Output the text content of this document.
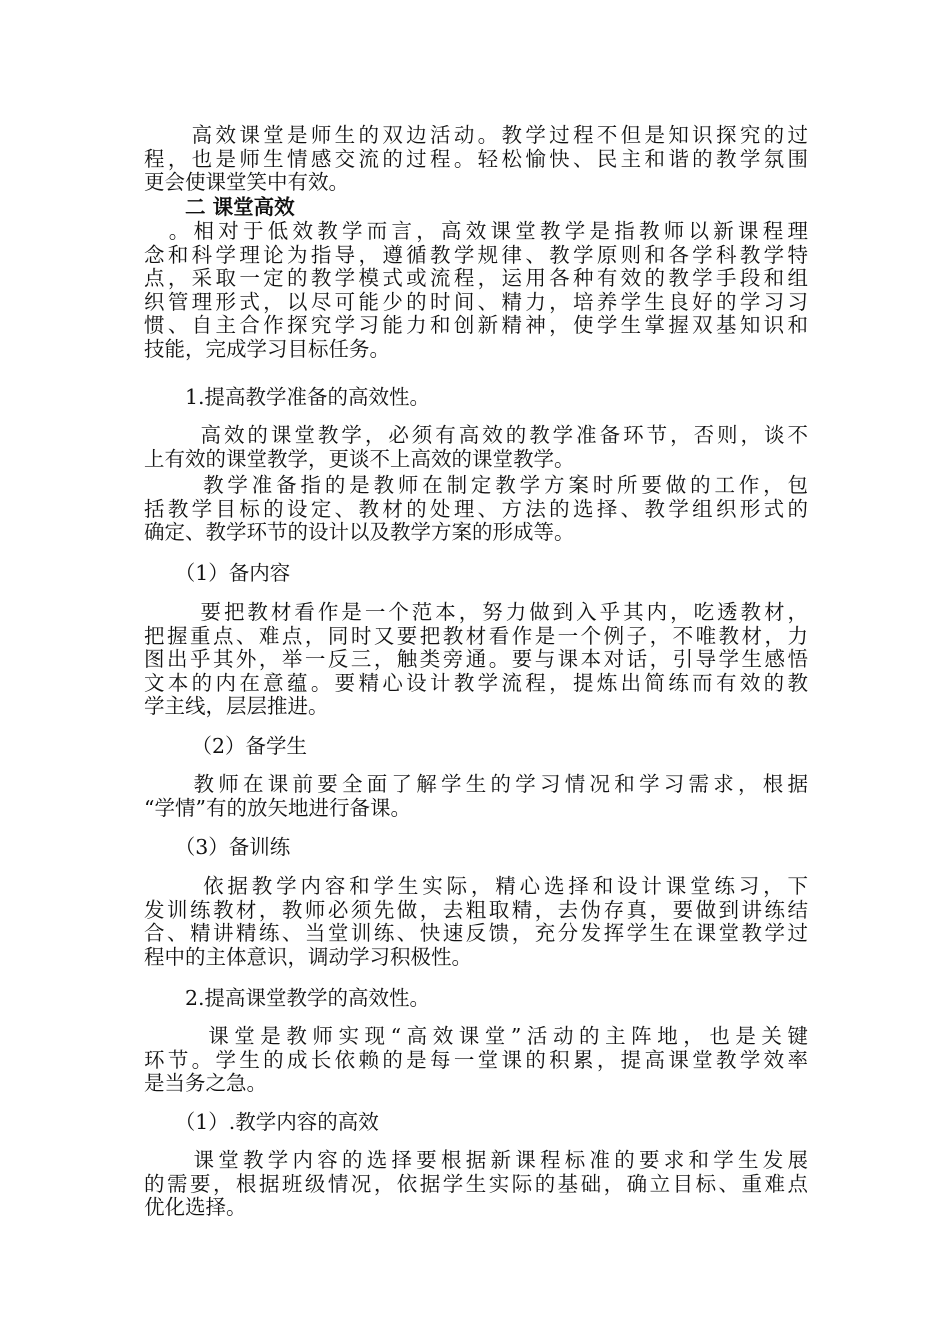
　　高效课堂是师生的双边活动。教学过程不但是知识探究的过
程，也是师生情感交流的过程。轻松愉快、民主和谐的教学氛围
更会使课堂笑中有效。
　　二 课堂高效
　。相对于低效教学而言，高效课堂教学是指教师以新课程理
念和科学理论为指导，遵循教学规律、教学原则和各学科教学特
点，采取一定的教学模式或流程，运用各种有效的教学手段和组
织管理形式，以尽可能少的时间、精力，培养学生良好的学习习
惯、自主合作探究学习能力和创新精神，使学生掌握双基知识和
技能，完成学习目标任务。
　　1.提高教学准备的高效性。
　　 高效的课堂教学，必须有高效的教学准备环节，否则，谈不
上有效的课堂教学，更谈不上高效的课堂教学。
　　 教学准备指的是教师在制定教学方案时所要做的工作，包
括教学目标的设定、教材的处理、方法的选择、教学组织形式的
确定、教学环节的设计以及教学方案的形成等。
　　（1）备内容
　　 要把教材看作是一个范本，努力做到入乎其内，吃透教材，
把握重点、难点，同时又要把教材看作是一个例子，不唯教材，力
图出乎其外，举一反三，触类旁通。要与课本对话，引导学生感悟
文本的内在意蕴。要精心设计教学流程，提炼出简练而有效的教
学主线，层层推进。
　　 （2）备学生
　　教师在课前要全面了解学生的学习情况和学习需求，根据
“学情”有的放矢地进行备课。
　　（3）备训练
　　 依据教学内容和学生实际，精心选择和设计课堂练习，下
发训练教材，教师必须先做，去粗取精，去伪存真，要做到讲练结
合、精讲精练、当堂训练、快速反馈，充分发挥学生在课堂教学过
程中的主体意识，调动学习积极性。
　　2.提高课堂教学的高效性。
　　 课堂是教师实现“高效课堂”活动的主阵地，也是关键
环节。学生的成长依赖的是每一堂课的积累，提高课堂教学效率
是当务之急。
　　（1）.教学内容的高效
　　课堂教学内容的选择要根据新课程标准的要求和学生发展
的需要，根据班级情况，依据学生实际的基础，确立目标、重难点
优化选择。
